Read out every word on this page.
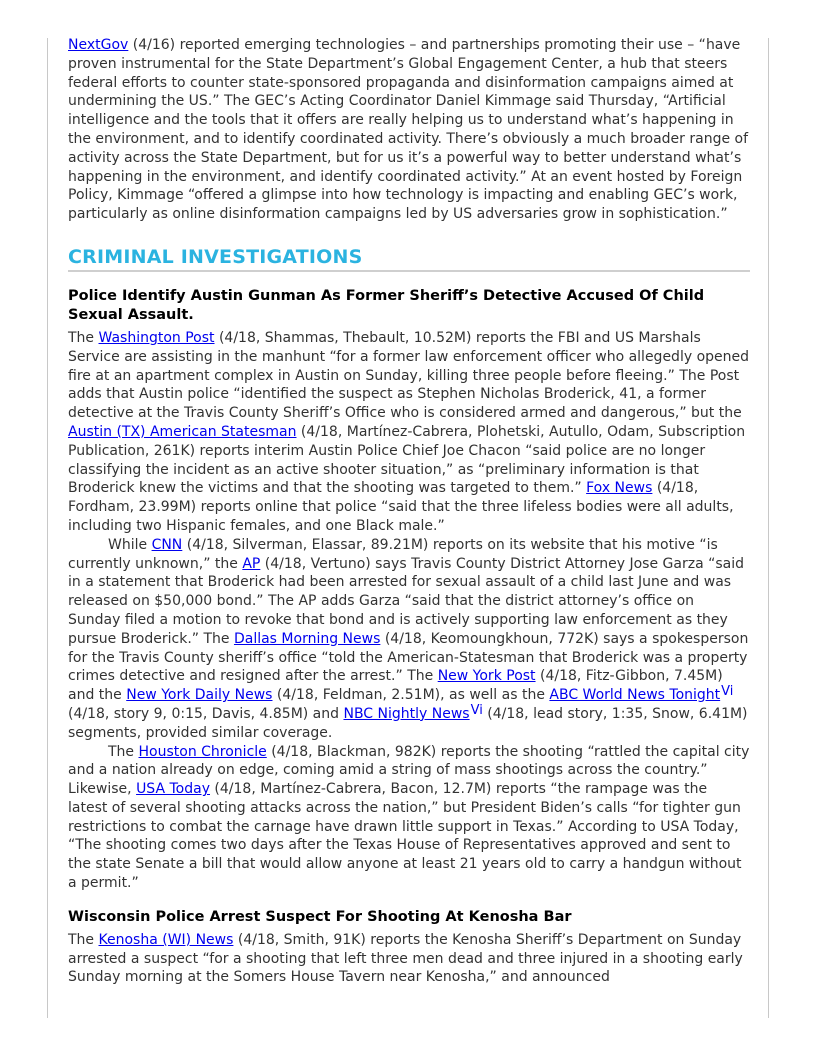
NextGov (4/16) reported emerging technologies – and partnerships promoting their use – “have proven instrumental for the State Department’s Global Engagement Center, a hub that steers federal efforts to counter state-sponsored propaganda and disinformation campaigns aimed at undermining the US.” The GEC’s Acting Coordinator Daniel Kimmage said Thursday, “Artificial intelligence and the tools that it offers are really helping us to understand what’s happening in the environment, and to identify coordinated activity. There’s obviously a much broader range of activity across the State Department, but for us it’s a powerful way to better understand what’s happening in the environment, and identify coordinated activity.” At an event hosted by Foreign Policy, Kimmage “offered a glimpse into how technology is impacting and enabling GEC’s work, particularly as online disinformation campaigns led by US adversaries grow in sophistication.”

CRIMINAL INVESTIGATIONS
Police Identify Austin Gunman As Former Sheriff’s Detective Accused Of Child Sexual Assault.

The Washington Post (4/18, Shammas, Thebault, 10.52M) reports the FBI and US Marshals Service are assisting in the manhunt “for a former law enforcement officer who allegedly opened fire at an apartment complex in Austin on Sunday, killing three people before fleeing.” The Post adds that Austin police “identified the suspect as Stephen Nicholas Broderick, 41, a former detective at the Travis County Sheriff’s Office who is considered armed and dangerous,” but the Austin (TX) American Statesman (4/18, Martínez-Cabrera, Plohetski, Autullo, Odam, Subscription Publication, 261K) reports interim Austin Police Chief Joe Chacon “said police are no longer classifying the incident as an active shooter situation,” as “preliminary information is that Broderick knew the victims and that the shooting was targeted to them.” Fox News (4/18, Fordham, 23.99M) reports online that police “said that the three lifeless bodies were all adults, including two Hispanic females, and one Black male.”

While CNN (4/18, Silverman, Elassar, 89.21M) reports on its website that his motive “is currently unknown,” the AP (4/18, Vertuno) says Travis County District Attorney Jose Garza “said in a statement that Broderick had been arrested for sexual assault of a child last June and was released on $50,000 bond.” The AP adds Garza “said that the district attorney’s office on Sunday filed a motion to revoke that bond and is actively supporting law enforcement as they pursue Broderick.” The Dallas Morning News (4/18, Keomoungkhoun, 772K) says a spokesperson for the Travis County sheriff’s office “told the American-Statesman that Broderick was a property crimes detective and resigned after the arrest.” The New York Post (4/18, Fitz-Gibbon, 7.45M) and the New York Daily News (4/18, Feldman, 2.51M), as well as the ABC World News Tonight$^{Vi}$ (4/18, story 9, 0:15, Davis, 4.85M) and NBC Nightly News$^{Vi}$ (4/18, lead story, 1:35, Snow, 6.41M) segments, provided similar coverage.

The Houston Chronicle (4/18, Blackman, 982K) reports the shooting “rattled the capital city and a nation already on edge, coming amid a string of mass shootings across the country.” Likewise, USA Today (4/18, Martínez-Cabrera, Bacon, 12.7M) reports “the rampage was the latest of several shooting attacks across the nation,” but President Biden’s calls “for tighter gun restrictions to combat the carnage have drawn little support in Texas.” According to USA Today, “The shooting comes two days after the Texas House of Representatives approved and sent to the state Senate a bill that would allow anyone at least 21 years old to carry a handgun without a permit.”

Wisconsin Police Arrest Suspect For Shooting At Kenosha Bar

The Kenosha (WI) News (4/18, Smith, 91K) reports the Kenosha Sheriff’s Department on Sunday arrested a suspect “for a shooting that left three men dead and three injured in a shooting early Sunday morning at the Somers House Tavern near Kenosha,” and announced
